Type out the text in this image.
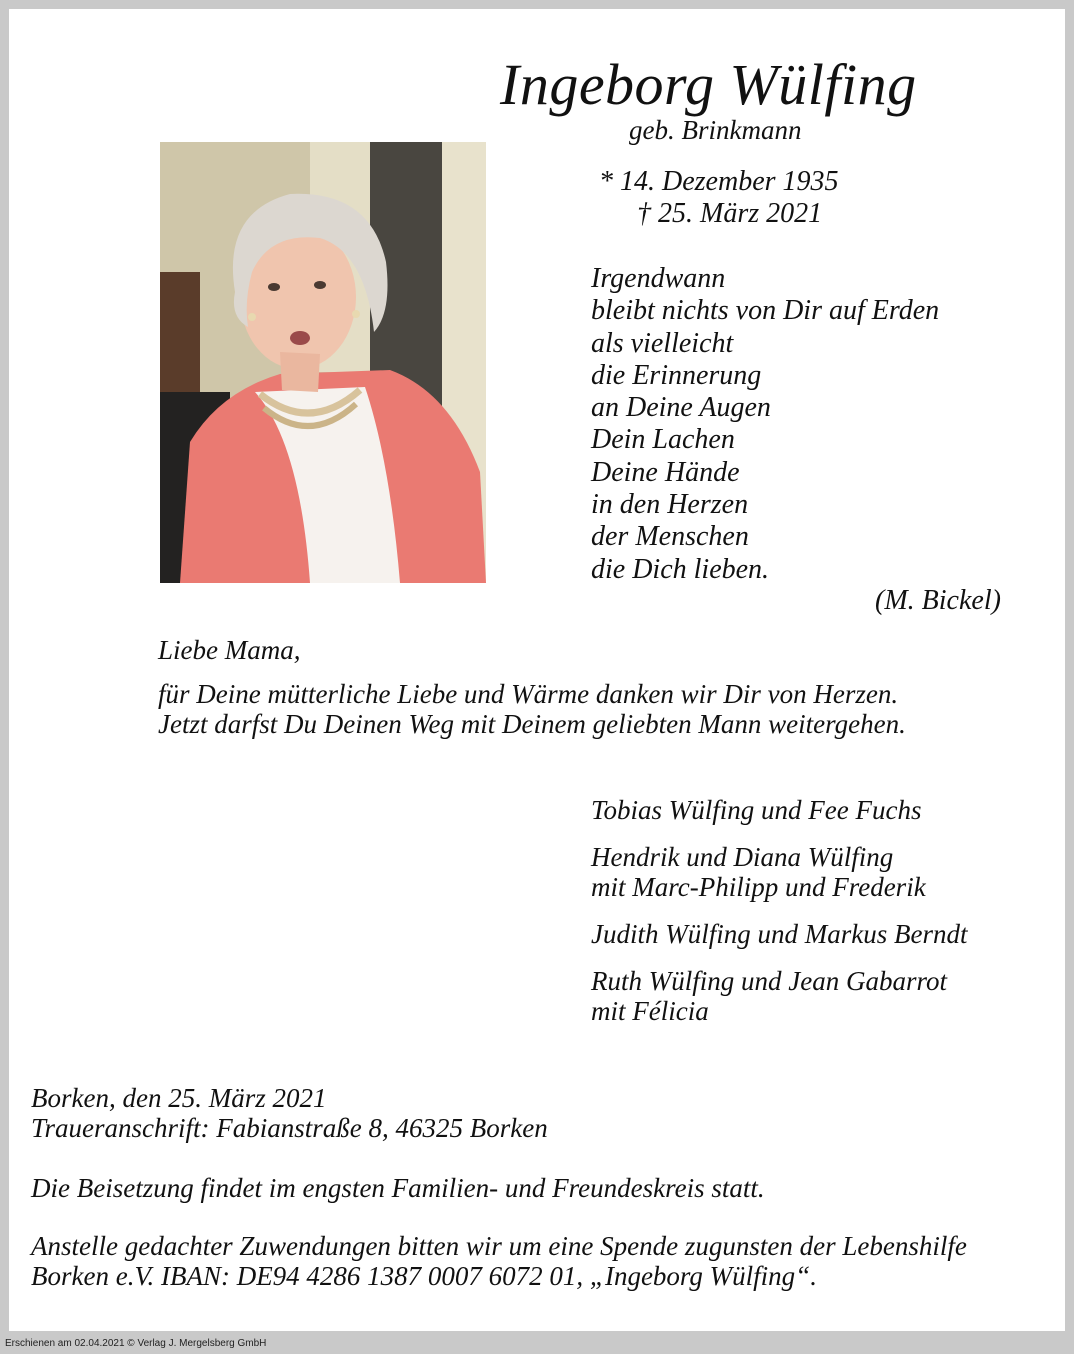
Ingeborg Wülfing
geb. Brinkmann
* 14. Dezember 1935
† 25. März 2021
Irgendwann
bleibt nichts von Dir auf Erden
als vielleicht
die Erinnerung
an Deine Augen
Dein Lachen
Deine Hände
in den Herzen
der Menschen
die Dich lieben.
(M. Bickel)
Liebe Mama,
für Deine mütterliche Liebe und Wärme danken wir Dir von Herzen.
Jetzt darfst Du Deinen Weg mit Deinem geliebten Mann weitergehen.
Tobias Wülfing und Fee Fuchs
Hendrik und Diana Wülfing
mit Marc-Philipp und Frederik
Judith Wülfing und Markus Berndt
Ruth Wülfing und Jean Gabarrot
mit Félicia
Borken, den 25. März 2021
Traueranschrift: Fabianstraße 8, 46325 Borken
Die Beisetzung findet im engsten Familien- und Freundeskreis statt.
Anstelle gedachter Zuwendungen bitten wir um eine Spende zugunsten der Lebenshilfe
Borken e.V. IBAN: DE94 4286 1387 0007 6072 01, „Ingeborg Wülfing“.
Erschienen am 02.04.2021 © Verlag J. Mergelsberg GmbH
